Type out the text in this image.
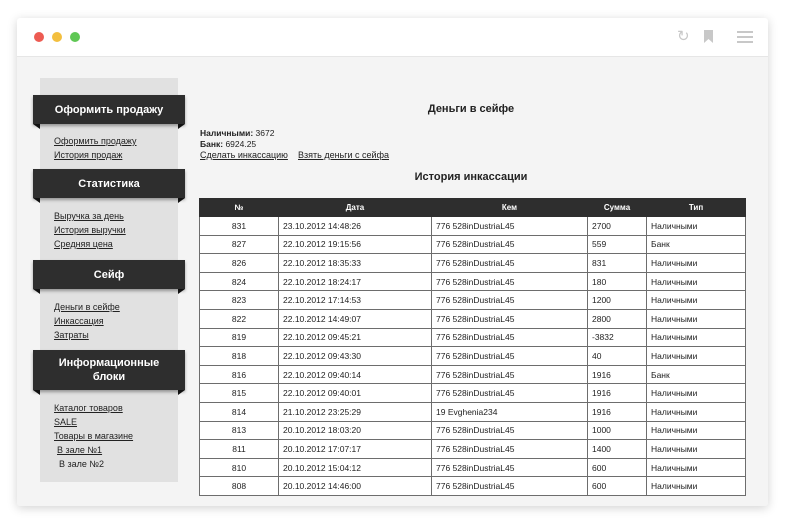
↻
Оформить продажу
Оформить продажу
История продаж
Статистика
Выручка за день
История выручки
Средняя цена
Сейф
Деньги в сейфе
Инкассация
Затраты
Информационные
блоки
Каталог товаров
SALE
Товары в магазине
В зале №1
В зале №2
Деньги в сейфе
Наличными: 3672
Банк: 6924.25
Сделать инкассацию Взять деньги с сейфа
История инкассации
№	Дата	Кем	Сумма	Тип
831	23.10.2012 14:48:26	776 528inDustriaL45	2700	Наличными
827	22.10.2012 19:15:56	776 528inDustriaL45	559	Банк
826	22.10.2012 18:35:33	776 528inDustriaL45	831	Наличными
824	22.10.2012 18:24:17	776 528inDustriaL45	180	Наличными
823	22.10.2012 17:14:53	776 528inDustriaL45	1200	Наличными
822	22.10.2012 14:49:07	776 528inDustriaL45	2800	Наличными
819	22.10.2012 09:45:21	776 528inDustriaL45	-3832	Наличными
818	22.10.2012 09:43:30	776 528inDustriaL45	40	Наличными
816	22.10.2012 09:40:14	776 528inDustriaL45	1916	Банк
815	22.10.2012 09:40:01	776 528inDustriaL45	1916	Наличными
814	21.10.2012 23:25:29	19 Evghenia234	1916	Наличными
813	20.10.2012 18:03:20	776 528inDustriaL45	1000	Наличными
811	20.10.2012 17:07:17	776 528inDustriaL45	1400	Наличными
810	20.10.2012 15:04:12	776 528inDustriaL45	600	Наличными
808	20.10.2012 14:46:00	776 528inDustriaL45	600	Наличными
